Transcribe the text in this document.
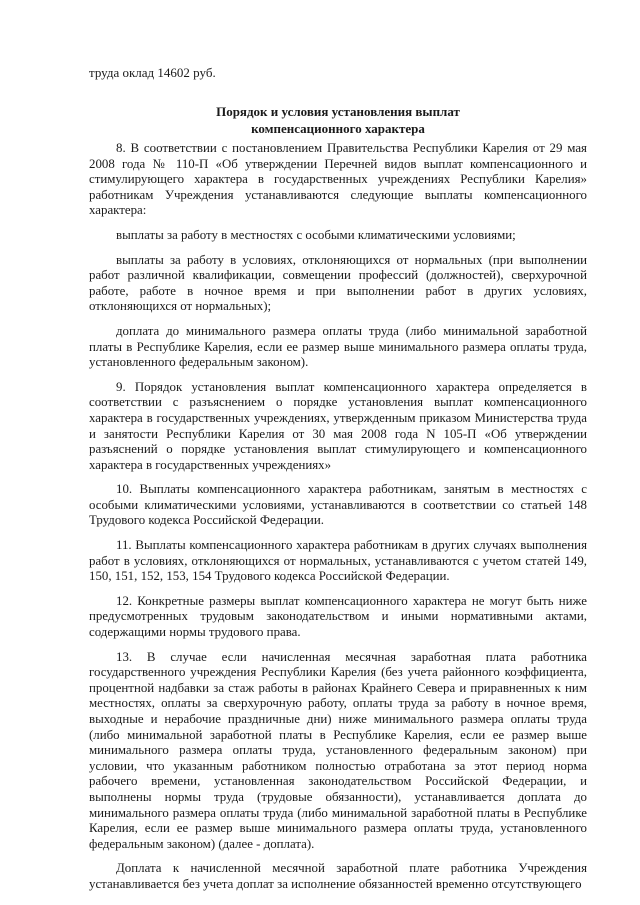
труда оклад 14602 руб.
Порядок и условия установления выплат
компенсационного характера

8. В соответствии с постановлением Правительства Республики Карелия от 29 мая 2008 года № 110-П «Об утверждении Перечней видов выплат компенсационного и стимулирующего характера в государственных учреждениях Республики Карелия» работникам Учреждения устанавливаются следующие выплаты компенсационного характера:

выплаты за работу в местностях с особыми климатическими условиями;

выплаты за работу в условиях, отклоняющихся от нормальных (при выполнении работ различной квалификации, совмещении профессий (должностей), сверхурочной работе, работе в ночное время и при выполнении работ в других условиях, отклоняющихся от нормальных);

доплата до минимального размера оплаты труда (либо минимальной заработной платы в Республике Карелия, если ее размер выше минимального размера оплаты труда, установленного федеральным законом).

9. Порядок установления выплат компенсационного характера определяется в соответствии с разъяснением о порядке установления выплат компенсационного характера в государственных учреждениях, утвержденным приказом Министерства труда и занятости Республики Карелия от 30 мая 2008 года N 105-П «Об утверждении разъяснений о порядке установления выплат стимулирующего и компенсационного характера в государственных учреждениях»

10. Выплаты компенсационного характера работникам, занятым в местностях с особыми климатическими условиями, устанавливаются в соответствии со статьей 148 Трудового кодекса Российской Федерации.

11. Выплаты компенсационного характера работникам в других случаях выполнения работ в условиях, отклоняющихся от нормальных, устанавливаются с учетом статей 149, 150, 151, 152, 153, 154 Трудового кодекса Российской Федерации.

12. Конкретные размеры выплат компенсационного характера не могут быть ниже предусмотренных трудовым законодательством и иными нормативными актами, содержащими нормы трудового права.

13. В случае если начисленная месячная заработная плата работника государственного учреждения Республики Карелия (без учета районного коэффициента, процентной надбавки за стаж работы в районах Крайнего Севера и приравненных к ним местностях, оплаты за сверхурочную работу, оплаты труда за работу в ночное время, выходные и нерабочие праздничные дни) ниже минимального размера оплаты труда (либо минимальной заработной платы в Республике Карелия, если ее размер выше минимального размера оплаты труда, установленного федеральным законом) при условии, что указанным работником полностью отработана за этот период норма рабочего времени, установленная законодательством Российской Федерации, и выполнены нормы труда (трудовые обязанности), устанавливается доплата до минимального размера оплаты труда (либо минимальной заработной платы в Республике Карелия, если ее размер выше минимального размера оплаты труда, установленного федеральным законом) (далее - доплата).

Доплата к начисленной месячной заработной плате работника Учреждения устанавливается без учета доплат за исполнение обязанностей временно отсутствующего
